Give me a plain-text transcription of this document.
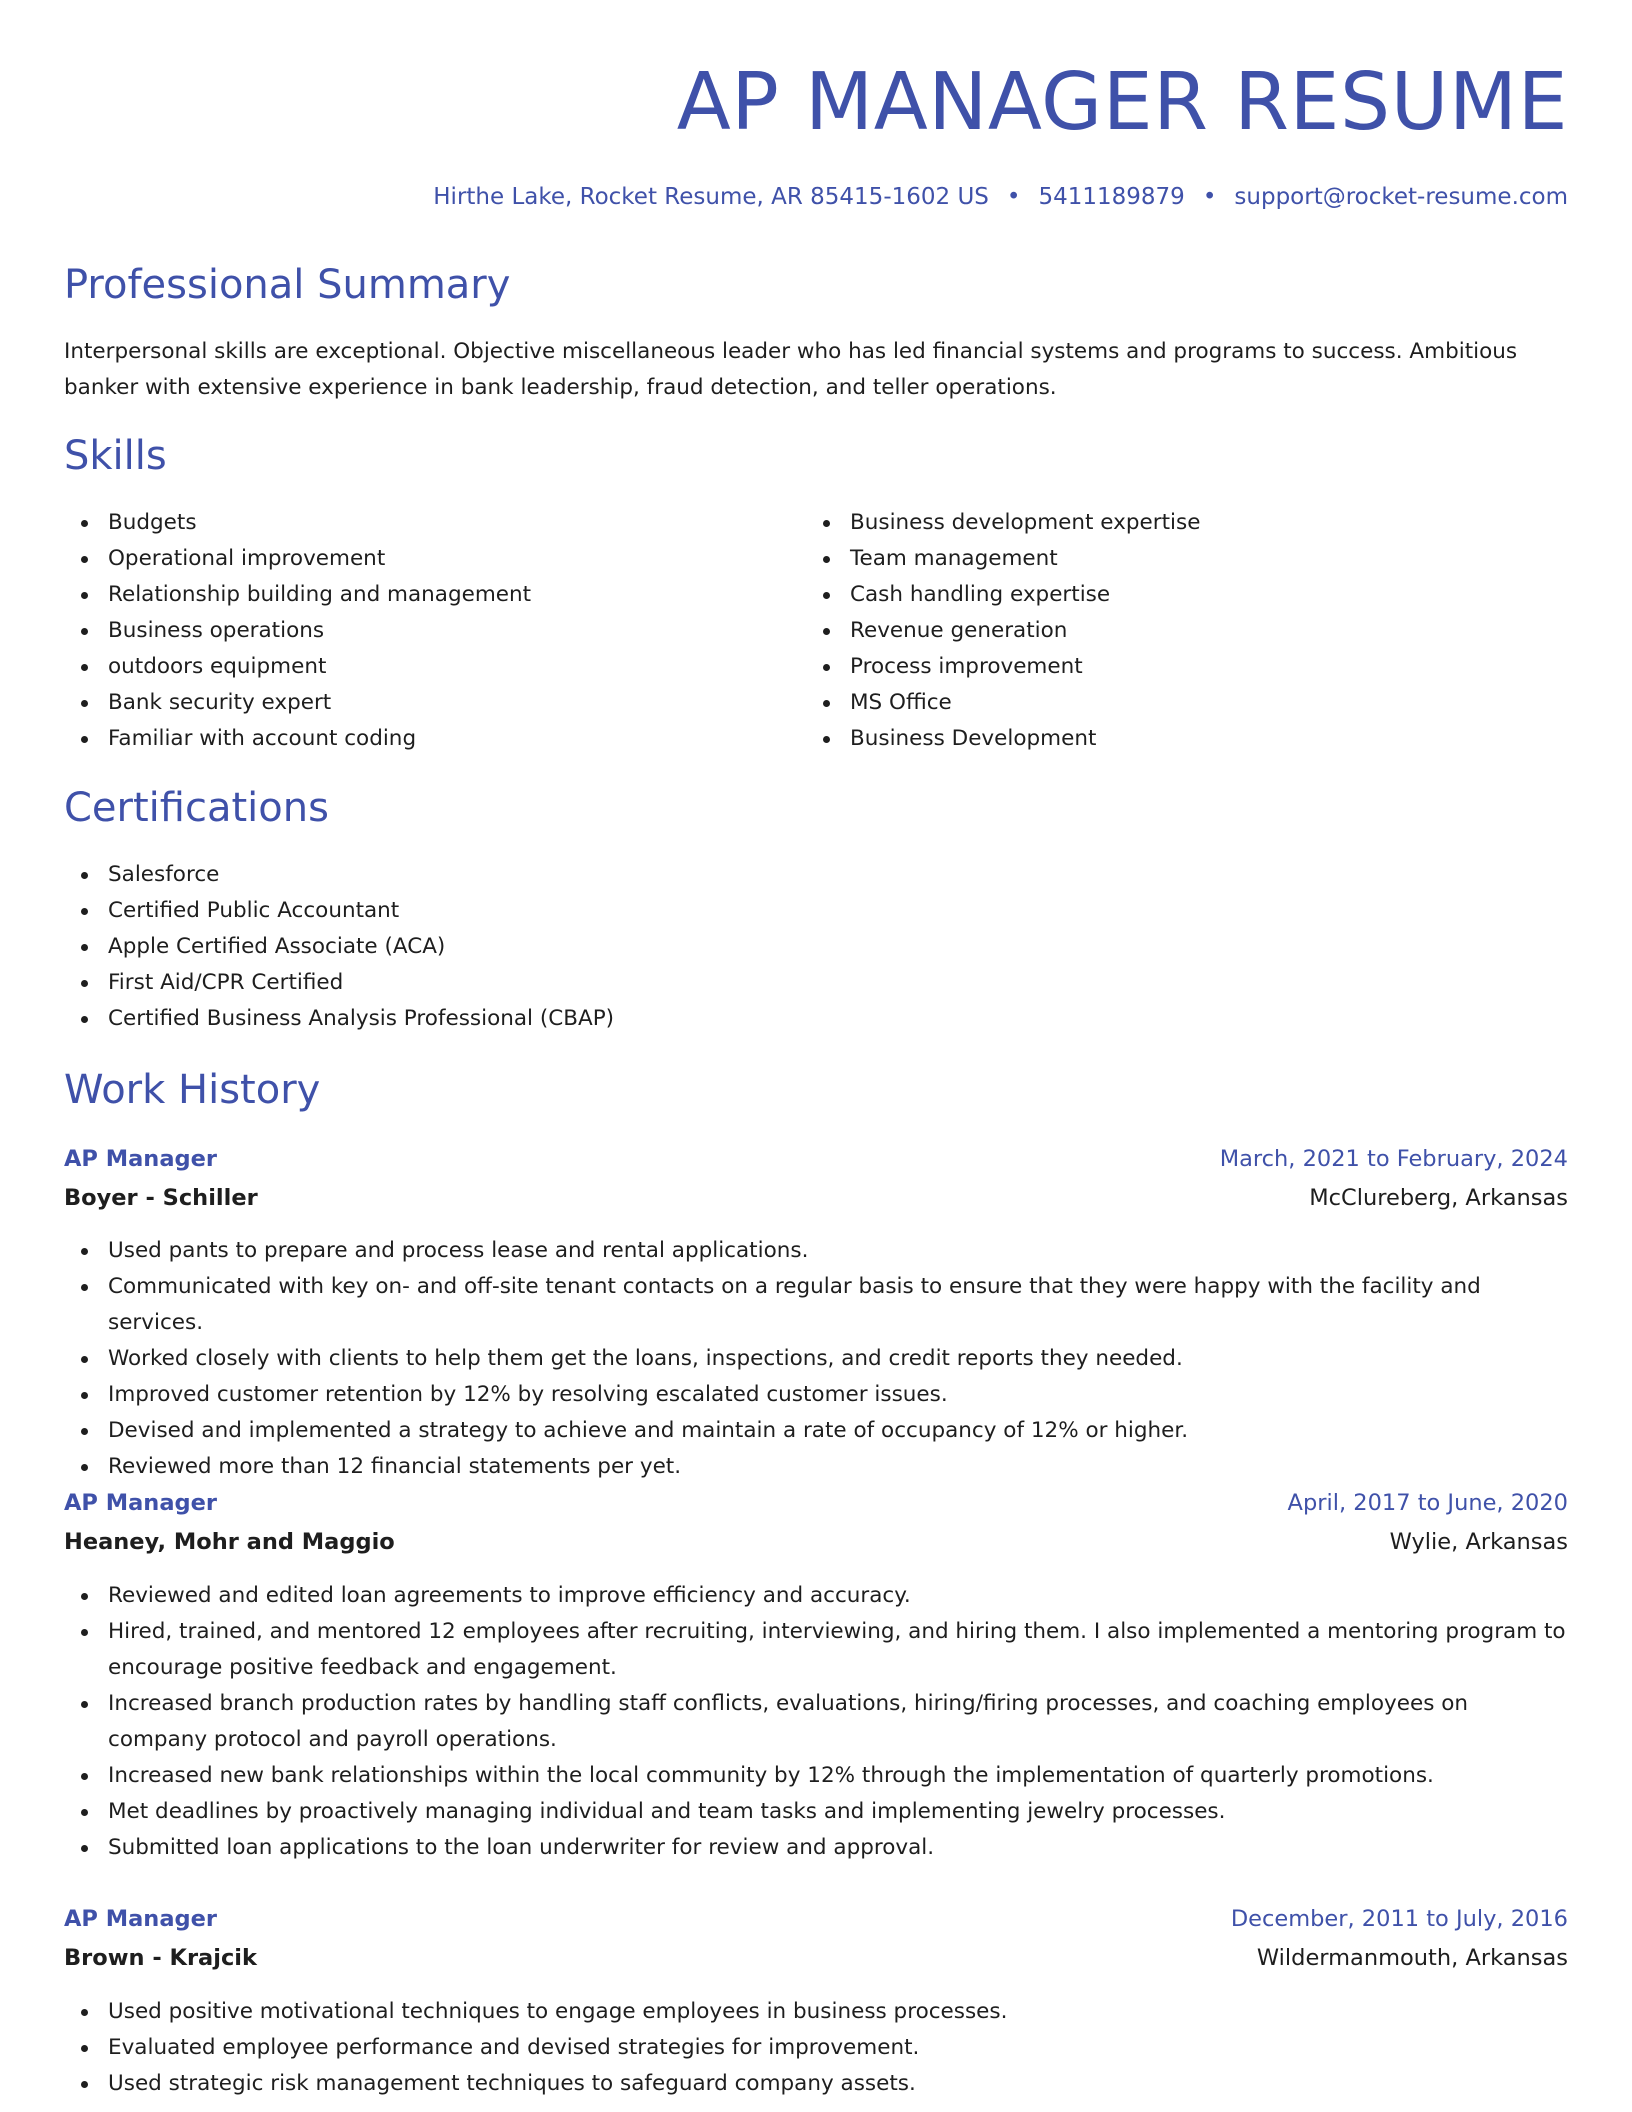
AP MANAGER RESUME
Hirthe Lake, Rocket Resume, AR 85415-1602 US • 5411189879 • support@rocket-resume.com
Professional Summary

Interpersonal skills are exceptional. Objective miscellaneous leader who has led financial systems and programs to success. Ambitious banker with extensive experience in bank leadership, fraud detection, and teller operations.

Skills
Budgets
Operational improvement
Relationship building and management
Business operations
outdoors equipment
Bank security expert
Familiar with account coding
Business development expertise
Team management
Cash handling expertise
Revenue generation
Process improvement
MS Office
Business Development
Certifications
Salesforce
Certified Public Accountant
Apple Certified Associate (ACA)
First Aid/CPR Certified
Certified Business Analysis Professional (CBAP)
Work History
AP Manager	March, 2021 to February, 2024
Boyer - Schiller	McClureberg, Arkansas
Used pants to prepare and process lease and rental applications.
Communicated with key on- and off-site tenant contacts on a regular basis to ensure that they were happy with the facility and services.
Worked closely with clients to help them get the loans, inspections, and credit reports they needed.
Improved customer retention by 12% by resolving escalated customer issues.
Devised and implemented a strategy to achieve and maintain a rate of occupancy of 12% or higher.
Reviewed more than 12 financial statements per yet.
AP Manager	April, 2017 to June, 2020
Heaney, Mohr and Maggio	Wylie, Arkansas
Reviewed and edited loan agreements to improve efficiency and accuracy.
Hired, trained, and mentored 12 employees after recruiting, interviewing, and hiring them. I also implemented a mentoring program to encourage positive feedback and engagement.
Increased branch production rates by handling staff conflicts, evaluations, hiring/firing processes, and coaching employees on company protocol and payroll operations.
Increased new bank relationships within the local community by 12% through the implementation of quarterly promotions.
Met deadlines by proactively managing individual and team tasks and implementing jewelry processes.
Submitted loan applications to the loan underwriter for review and approval.
AP Manager	December, 2011 to July, 2016
Brown - Krajcik	Wildermanmouth, Arkansas
Used positive motivational techniques to engage employees in business processes.
Evaluated employee performance and devised strategies for improvement.
Used strategic risk management techniques to safeguard company assets.
